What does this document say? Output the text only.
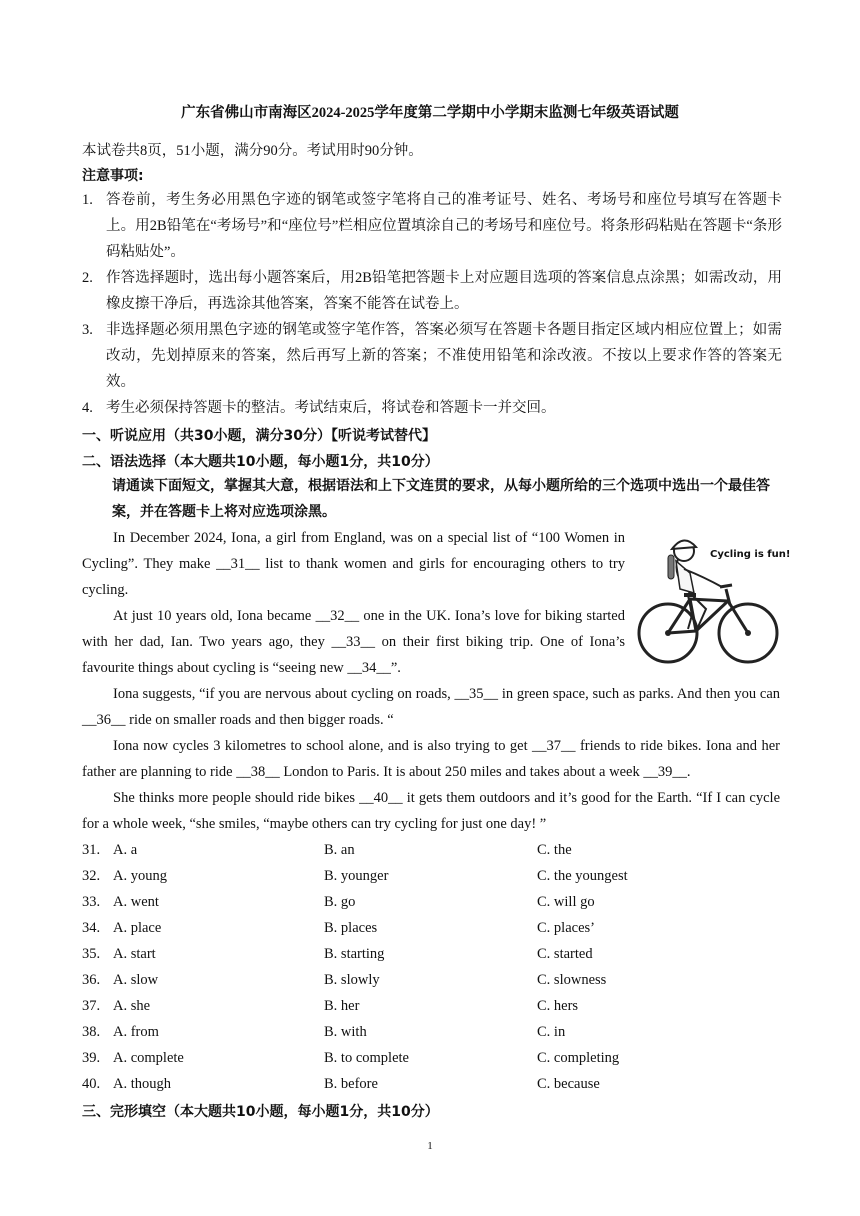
广东省佛山市南海区2024-2025学年度第二学期中小学期末监测七年级英语试题
本试卷共8页，51小题，满分90分。考试用时90分钟。
注意事项:
1. 答卷前，考生务必用黑色字迹的钢笔或签字笔将自己的准考证号、姓名、考场号和座位号填写在答题卡上。用2B铅笔在“考场号”和“座位号”栏相应位置填涂自己的考场号和座位号。将条形码粘贴在答题卡“条形码粘贴处”。
2. 作答选择题时，选出每小题答案后，用2B铅笔把答题卡上对应题目选项的答案信息点涂黑；如需改动，用橡皮擦干净后，再选涂其他答案，答案不能答在试卷上。
3. 非选择题必须用黑色字迹的钢笔或签字笔作答，答案必须写在答题卡各题目指定区域内相应位置上；如需改动，先划掉原来的答案，然后再写上新的答案；不准使用铅笔和涂改液。不按以上要求作答的答案无效。
4. 考生必须保持答题卡的整洁。考试结束后，将试卷和答题卡一并交回。
一、听说应用（共30小题，满分30分）【听说考试替代】
二、语法选择（本大题共10小题，每小题1分，共10分）
请通读下面短文，掌握其大意，根据语法和上下文连贯的要求，从每小题所给的三个选项中选出一个最佳答案，并在答题卡上将对应选项涂黑。
In December 2024, Iona, a girl from England, was on a special list of “100 Women in Cycling”. They make __31__ list to thank women and girls for encouraging others to try cycling.
At just 10 years old, Iona became __32__ one in the UK. Iona’s love for biking started with her dad, Ian. Two years ago, they __33__ on their first biking trip. One of Iona’s favourite things about cycling is “seeing new __34__”.
Iona suggests, “if you are nervous about cycling on roads, __35__ in green space, such as parks. And then you can __36__ ride on smaller roads and then bigger roads. “
Iona now cycles 3 kilometres to school alone, and is also trying to get __37__ friends to ride bikes. Iona and her father are planning to ride __38__ London to Paris. It is about 250 miles and takes about a week __39__.
She thinks more people should ride bikes __40__ it gets them outdoors and it’s good for the Earth. “If I can cycle for a whole week, “she smiles, “maybe others can try cycling for just one day! ”
Cycling is fun!
31. A. a	B. an	C. the
32. A. young	B. younger	C. the youngest
33. A. went	B. go	C. will go
34. A. place	B. places	C. places’
35. A. start	B. starting	C. started
36. A. slow	B. slowly	C. slowness
37. A. she	B. her	C. hers
38. A. from	B. with	C. in
39. A. complete	B. to complete	C. completing
40. A. though	B. before	C. because
三、完形填空（本大题共10小题，每小题1分，共10分）
1
